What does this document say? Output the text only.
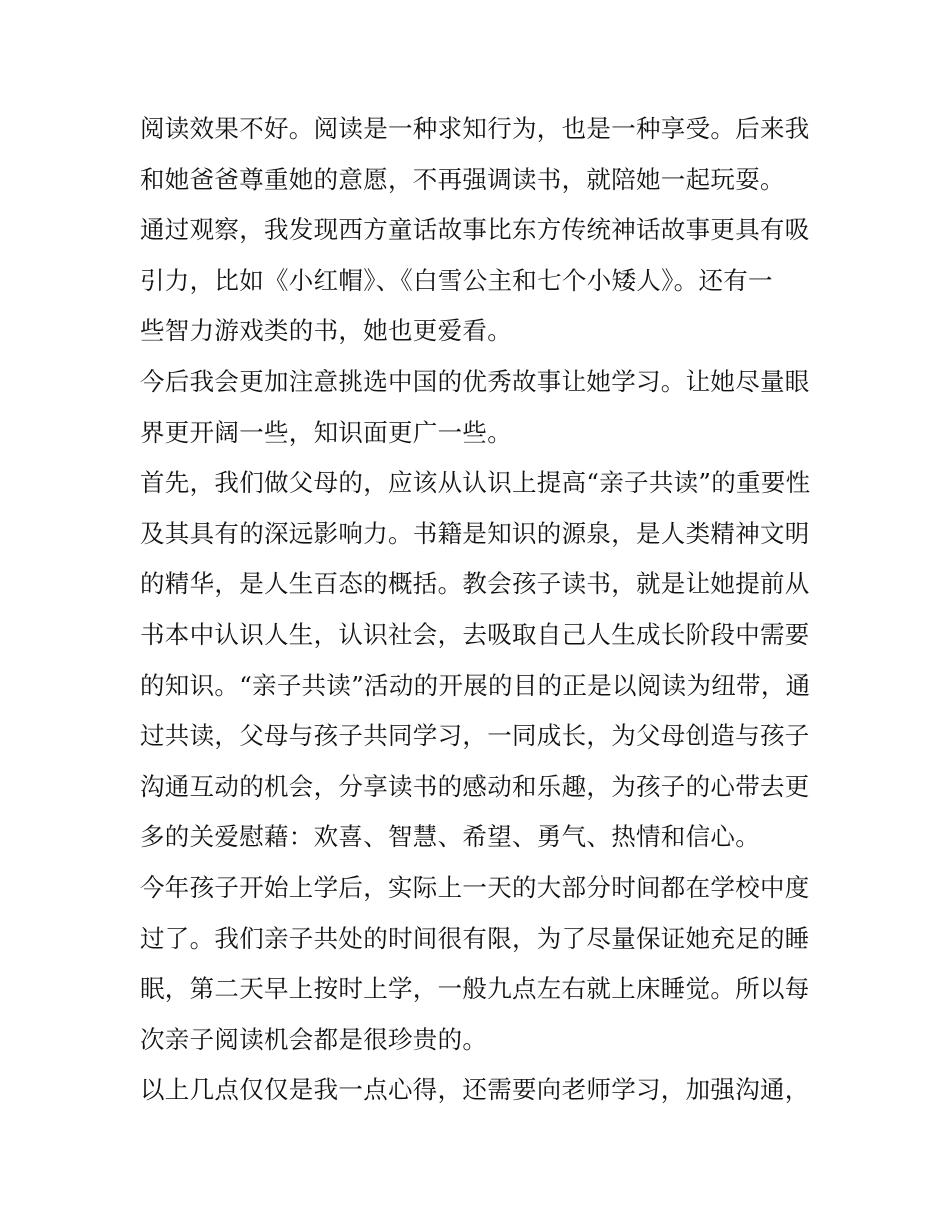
阅读效果不好。阅读是一种求知行为，也是一种享受。后来我
和她爸爸尊重她的意愿，不再强调读书，就陪她一起玩耍。
通过观察，我发现西方童话故事比东方传统神话故事更具有吸
引力，比如《小红帽》、《白雪公主和七个小矮人》。还有一
些智力游戏类的书，她也更爱看。
今后我会更加注意挑选中国的优秀故事让她学习。让她尽量眼
界更开阔一些，知识面更广一些。
首先，我们做父母的，应该从认识上提高“亲子共读”的重要性
及其具有的深远影响力。书籍是知识的源泉，是人类精神文明
的精华，是人生百态的概括。教会孩子读书，就是让她提前从
书本中认识人生，认识社会，去吸取自己人生成长阶段中需要
的知识。“亲子共读”活动的开展的目的正是以阅读为纽带，通
过共读，父母与孩子共同学习，一同成长，为父母创造与孩子
沟通互动的机会，分享读书的感动和乐趣，为孩子的心带去更
多的关爱慰藉：欢喜、智慧、希望、勇气、热情和信心。
今年孩子开始上学后，实际上一天的大部分时间都在学校中度
过了。我们亲子共处的时间很有限，为了尽量保证她充足的睡
眠，第二天早上按时上学，一般九点左右就上床睡觉。所以每
次亲子阅读机会都是很珍贵的。
以上几点仅仅是我一点心得，还需要向老师学习，加强沟通，
